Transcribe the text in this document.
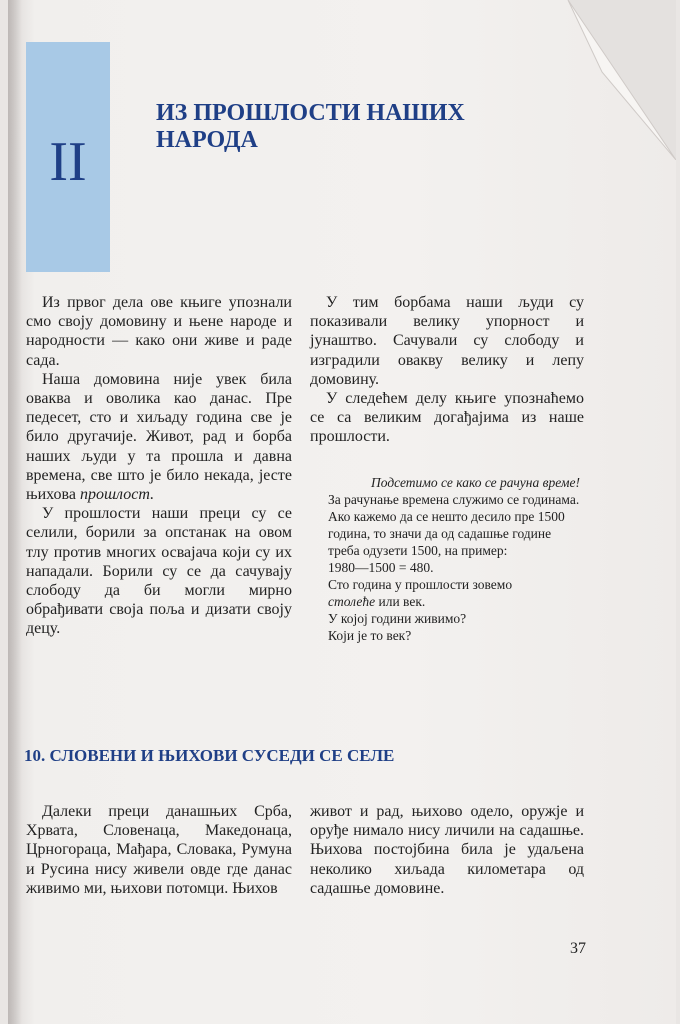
II
ИЗ ПРОШЛОСТИ НАШИХ НАРОДА

Из првог дела ове књиге упознали смо своју домовину и њене народе и народности — како они живе и раде сада.

Наша домовина није увек била оваква и оволика као данас. Пре педесет, сто и хиљаду година све је било другачије. Живот, рад и борба наших људи у та прошла и давна времена, све што је било некада, јесте њихова прошлост.

У прошлости наши преци су се селили, борили за опстанак на овом тлу против многих освајача који су их нападали. Борили су се да сачувају слободу да би могли мирно обрађивати своја поља и дизати своју децу.

У тим борбама наши људи су показивали велику упорност и јунаштво. Сачували су слободу и изградили овакву велику и лепу домовину.

У следећем делу књиге упознаћемо се са великим догађајима из наше прошлости.

Подсетимо се како се рачуна време!

За рачунање времена служимо се годинама. Ако кажемо да се нешто десило пре 1500 година, то значи да од садашње године треба одузети 1500, на пример:

1980—1500 = 480.
Сто година у прошлости зовемо
столеће или век.
У којој години живимо?
Који је то век?
10. СЛОВЕНИ И ЊИХОВИ СУСЕДИ СЕ СЕЛЕ

Далеки преци данашњих Срба, Хрвата, Словенаца, Македонаца, Црногораца, Мађара, Словака, Румуна и Русина нису живели овде где данас живимо ми, њихови потомци. Њихов

живот и рад, њихово одело, оружје и оруђе нимало нису личили на садашње. Њихова постојбина била је удаљена неколико хиљада километара од садашње домовине.

37
